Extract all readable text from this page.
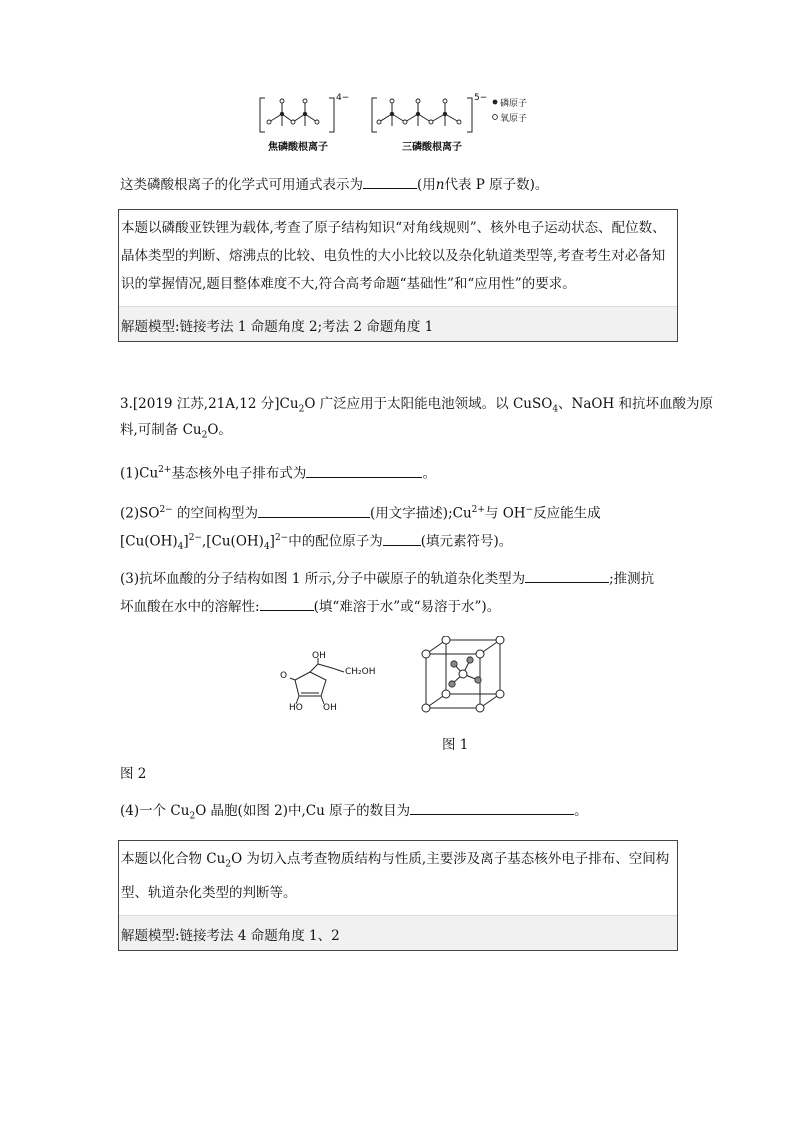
4−	5−
磷原子
氧原子
焦磷酸根离子	三磷酸根离子
这类磷酸根离子的化学式可用通式表示为	(用n代表 P 原子数)。
本题以磷酸亚铁锂为载体,考查了原子结构知识“对角线规则”、核外电子运动状态、配位数、晶体类型的判断、熔沸点的比较、电负性的大小比较以及杂化轨道类型等,考查考生对必备知识的掌握情况,题目整体难度不大,符合高考命题“基础性”和“应用性”的要求。
解题模型:链接考法 1 命题角度 2;考法 2 命题角度 1
3.[2019 江苏,21A,12 分]$Cu_2O$ 广泛应用于太阳能电池领域。以 CuSO$_4$、NaOH 和抗坏血酸为原
料,可制备 $Cu_2O$。
$(1)Cu^{2+}$基态核外电子排布式为	。
$(2)SO^{2-}$ 的空间构型为	(用文字描述)$;Cu^{2+}$与 OH−反应能生成
$[Cu(OH)_4]^{2-},[Cu(OH)_4]^{2-}$中的配位原子为	(填元素符号)。
(3)抗坏血酸的分子结构如图 1 所示,分子中碳原子的轨道杂化类型为	;推测抗
坏血酸在水中的溶解性:	(填“难溶于水”或“易溶于水”)。
OH
CH₂OH
O
HO OH
图 1
图 2
(4)一个 $Cu_2O$ 晶胞(如图 2)中,Cu 原子的数目为	。
本题以化合物 $Cu_2O$ 为切入点考查物质结构与性质,主要涉及离子基态核外电子排布、空间构型、轨道杂化类型的判断等。
解题模型:链接考法 4 命题角度 1、2
